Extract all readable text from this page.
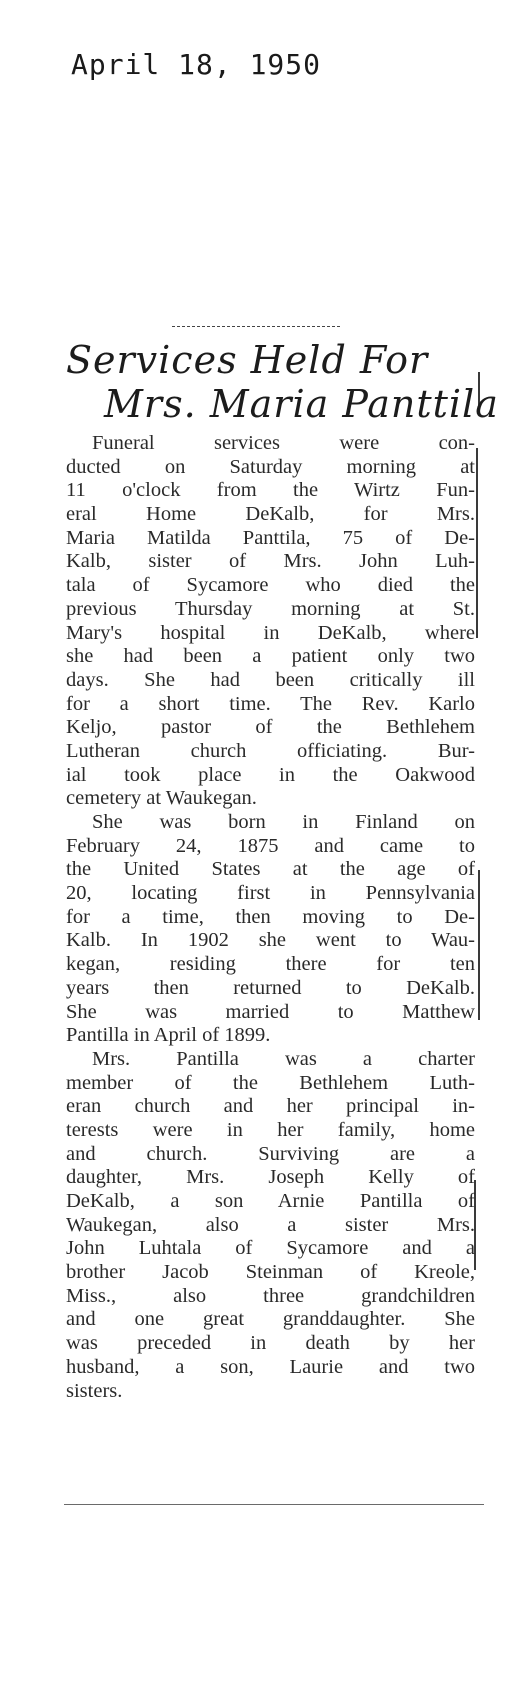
April 18, 1950
Services Held For
Mrs. Maria Panttila
Funeral services were con-
ducted on Saturday morning at
11 o'clock from the Wirtz Fun-
eral Home DeKalb, for Mrs.
Maria Matilda Panttila, 75 of De-
Kalb, sister of Mrs. John Luh-
tala of Sycamore who died the
previous Thursday morning at St.
Mary's hospital in DeKalb, where
she had been a patient only two
days. She had been critically ill
for a short time. The Rev. Karlo
Keljo, pastor of the Bethlehem
Lutheran church officiating. Bur-
ial took place in the Oakwood
cemetery at Waukegan.
She was born in Finland on
February 24, 1875 and came to
the United States at the age of
20, locating first in Pennsylvania
for a time, then moving to De-
Kalb. In 1902 she went to Wau-
kegan, residing there for ten
years then returned to DeKalb.
She was married to Matthew
Pantilla in April of 1899.
Mrs. Pantilla was a charter
member of the Bethlehem Luth-
eran church and her principal in-
terests were in her family, home
and church. Surviving are a
daughter, Mrs. Joseph Kelly of
DeKalb, a son Arnie Pantilla of
Waukegan, also a sister Mrs.
John Luhtala of Sycamore and a
brother Jacob Steinman of Kreole,
Miss., also three grandchildren
and one great granddaughter. She
was preceded in death by her
husband, a son, Laurie and two
sisters.
